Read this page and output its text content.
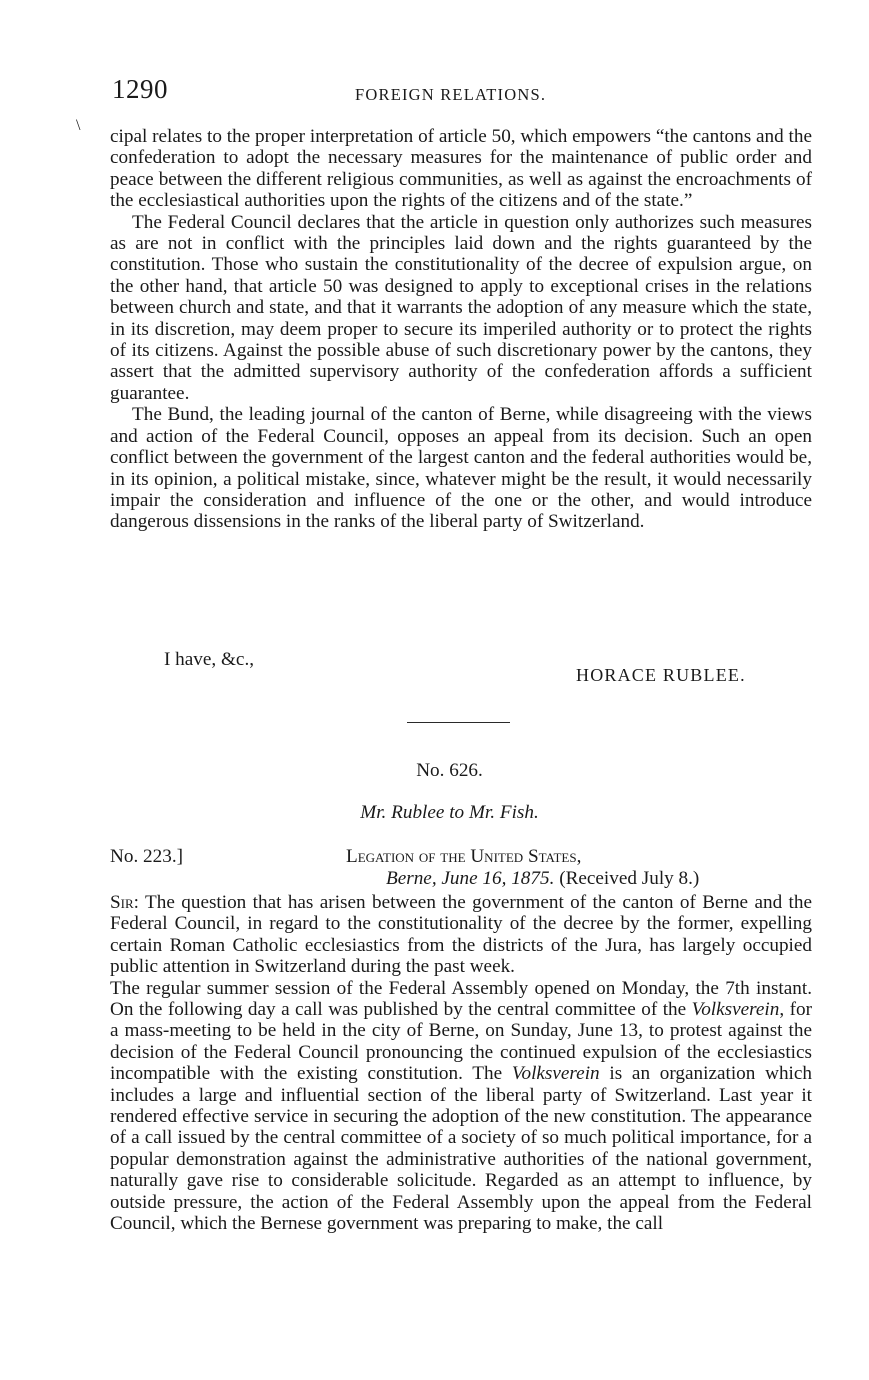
1290	FOREIGN RELATIONS.
\

cipal relates to the proper interpretation of article 50, which empowers “the cantons and the confederation to adopt the necessary measures for the maintenance of public order and peace between the different religious communities, as well as against the encroachments of the ecclesiastical authorities upon the rights of the citizens and of the state.”

The Federal Council declares that the article in question only authorizes such measures as are not in conflict with the principles laid down and the rights guaranteed by the constitution. Those who sustain the constitutionality of the decree of expulsion argue, on the other hand, that article 50 was designed to apply to exceptional crises in the relations between church and state, and that it warrants the adoption of any measure which the state, in its discretion, may deem proper to secure its imperiled authority or to protect the rights of its citizens. Against the possible abuse of such discretionary power by the cantons, they assert that the admitted supervisory authority of the confederation affords a sufficient guarantee.

The Bund, the leading journal of the canton of Berne, while disagreeing with the views and action of the Federal Council, opposes an appeal from its decision. Such an open conflict between the government of the largest canton and the federal authorities would be, in its opinion, a political mistake, since, whatever might be the result, it would necessarily impair the consideration and influence of the one or the other, and would introduce dangerous dissensions in the ranks of the liberal party of Switzerland.

I have, &c.,
HORACE RUBLEE.
No. 626.
Mr. Rublee to Mr. Fish.
No. 223.]	Legation of the United States,
Berne, June 16, 1875. (Received July 8.)

Sir: The question that has arisen between the government of the canton of Berne and the Federal Council, in regard to the constitutionality of the decree by the former, expelling certain Roman Catholic ecclesiastics from the districts of the Jura, has largely occupied public attention in Switzerland during the past week.

The regular summer session of the Federal Assembly opened on Monday, the 7th instant. On the following day a call was published by the central committee of the Volksverein, for a mass-meeting to be held in the city of Berne, on Sunday, June 13, to protest against the decision of the Federal Council pronouncing the continued expulsion of the ecclesiastics incompatible with the existing constitution. The Volksverein is an organization which includes a large and influential section of the liberal party of Switzerland. Last year it rendered effective service in securing the adoption of the new constitution. The appearance of a call issued by the central committee of a society of so much political importance, for a popular demonstration against the administrative authorities of the national government, naturally gave rise to considerable solicitude. Regarded as an attempt to influence, by outside pressure, the action of the Federal Assembly upon the appeal from the Federal Council, which the Bernese government was preparing to make, the call
